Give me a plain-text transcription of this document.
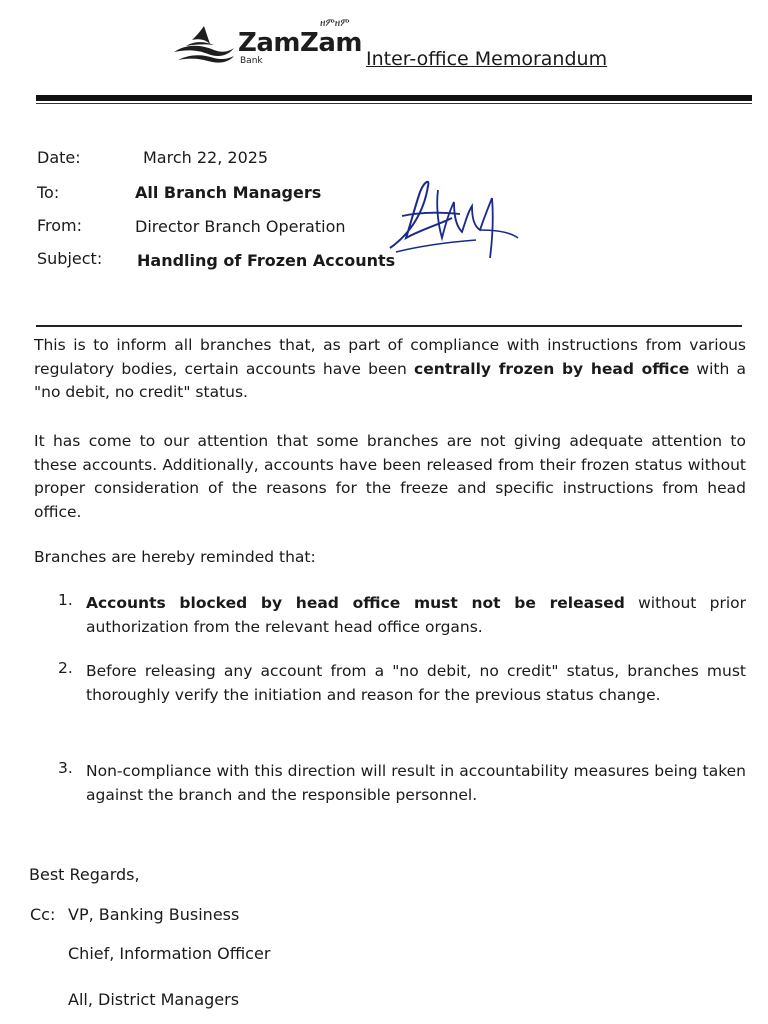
ዘምዘም
ZamZam
Bank	Inter-office Memorandum
Date:	March 22, 2025
To:	All Branch Managers
From:	Director Branch Operation
Subject: Handling of Frozen Accounts
This is to inform all branches that, as part of compliance with instructions from various regulatory bodies, certain accounts have been centrally frozen by head office with a "no debit, no credit" status.
It has come to our attention that some branches are not giving adequate attention to these accounts. Additionally, accounts have been released from their frozen status without proper consideration of the reasons for the freeze and specific instructions from head office.
Branches are hereby reminded that:
1. Accounts blocked by head office must not be released without prior authorization from the relevant head office organs.
2. Before releasing any account from a "no debit, no credit" status, branches must thoroughly verify the initiation and reason for the previous status change.
3. Non-compliance with this direction will result in accountability measures being taken against the branch and the responsible personnel.
Best Regards,
Cc: VP, Banking Business
Chief, Information Officer
All, District Managers
